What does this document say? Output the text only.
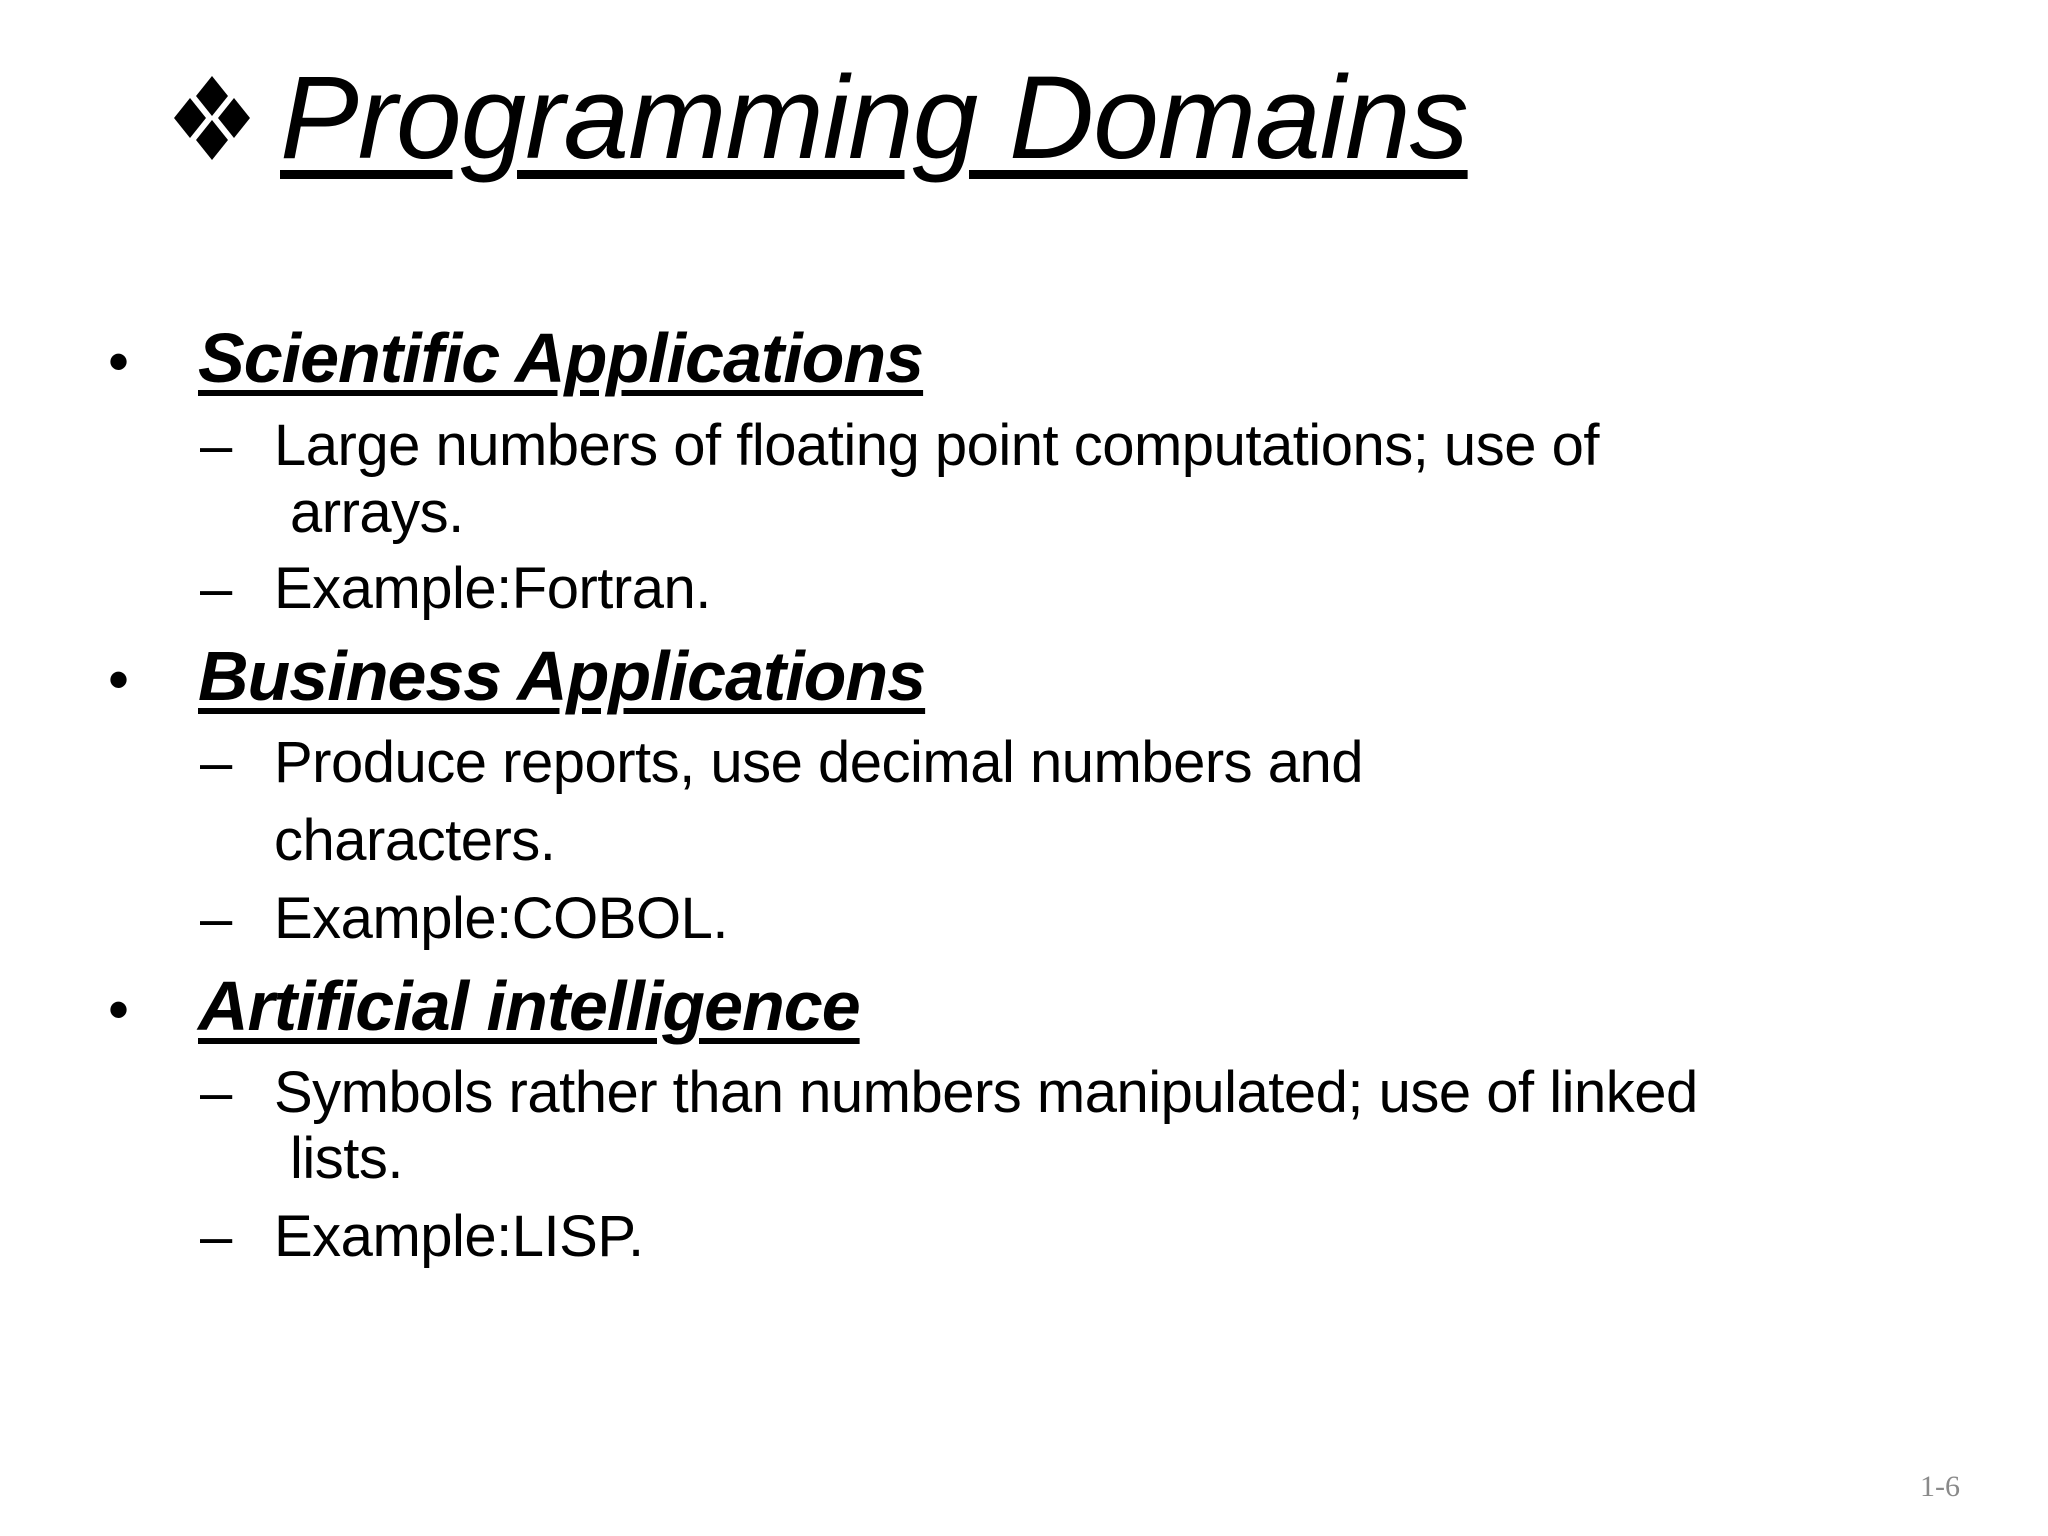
Programming Domains
• Scientific Applications
– Large numbers of floating point computations; use of
arrays.
– Example:Fortran.
• Business Applications
– Produce reports, use decimal numbers and
characters.
– Example:COBOL.
• Artificial intelligence
– Symbols rather than numbers manipulated; use of linked
lists.
– Example:LISP.
1-6
